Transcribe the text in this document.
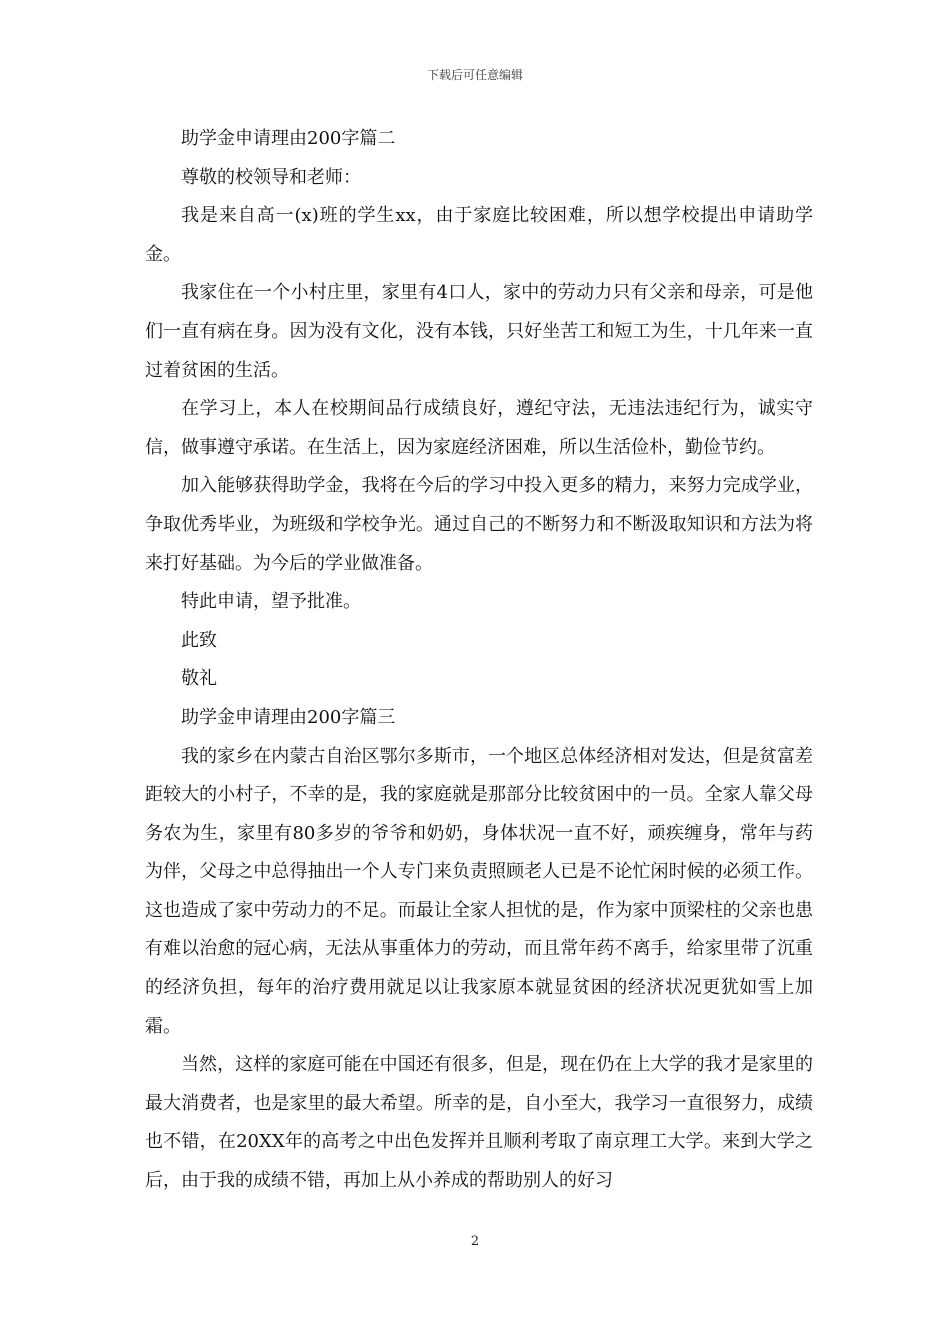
下载后可任意编辑

助学金申请理由200字篇二

尊敬的校领导和老师：

我是来自高一(x)班的学生xx，由于家庭比较困难，所以想学校提出申请助学金。

我家住在一个小村庄里，家里有4口人，家中的劳动力只有父亲和母亲，可是他们一直有病在身。因为没有文化，没有本钱，只好坐苦工和短工为生，十几年来一直过着贫困的生活。

在学习上，本人在校期间品行成绩良好，遵纪守法，无违法违纪行为，诚实守信，做事遵守承诺。在生活上，因为家庭经济困难，所以生活俭朴，勤俭节约。

加入能够获得助学金，我将在今后的学习中投入更多的精力，来努力完成学业，争取优秀毕业，为班级和学校争光。通过自己的不断努力和不断汲取知识和方法为将来打好基础。为今后的学业做准备。

特此申请，望予批准。

此致

敬礼

助学金申请理由200字篇三

我的家乡在内蒙古自治区鄂尔多斯市，一个地区总体经济相对发达，但是贫富差距较大的小村子，不幸的是，我的家庭就是那部分比较贫困中的一员。全家人靠父母务农为生，家里有80多岁的爷爷和奶奶，身体状况一直不好，顽疾缠身，常年与药为伴，父母之中总得抽出一个人专门来负责照顾老人已是不论忙闲时候的必须工作。这也造成了家中劳动力的不足。而最让全家人担忧的是，作为家中顶梁柱的父亲也患有难以治愈的冠心病，无法从事重体力的劳动，而且常年药不离手，给家里带了沉重的经济负担，每年的治疗费用就足以让我家原本就显贫困的经济状况更犹如雪上加霜。

当然，这样的家庭可能在中国还有很多，但是，现在仍在上大学的我才是家里的最大消费者，也是家里的最大希望。所幸的是，自小至大，我学习一直很努力，成绩也不错，在20XX年的高考之中出色发挥并且顺利考取了南京理工大学。来到大学之后，由于我的成绩不错，再加上从小养成的帮助别人的好习

2
